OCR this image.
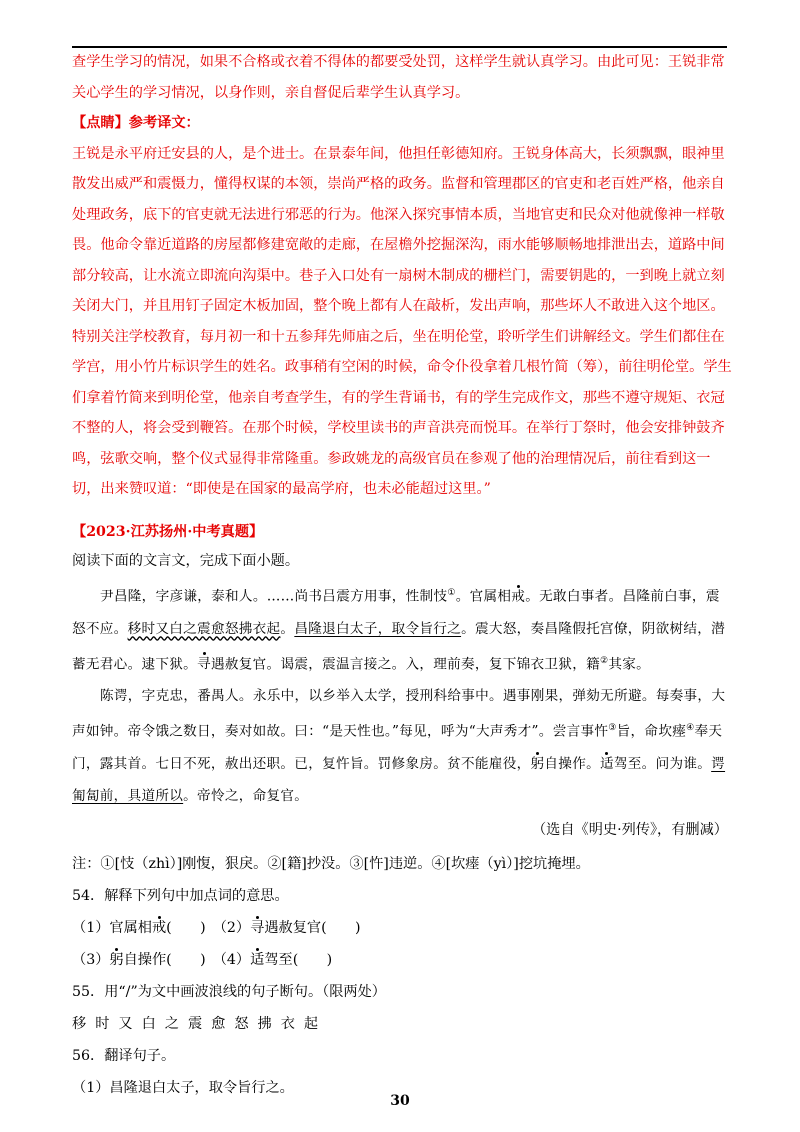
查学生学习的情况，如果不合格或衣着不得体的都要受处罚，这样学生就认真学习。由此可见：王锐非常关心学生的学习情况，以身作则，亲自督促后辈学生认真学习。

【点睛】参考译文：

王锐是永平府迁安县的人，是个进士。在景泰年间，他担任彰德知府。王锐身体高大，长须飘飘，眼神里散发出威严和震慑力，懂得权谋的本领，崇尚严格的政务。监督和管理郡区的官吏和老百姓严格，他亲自处理政务，底下的官吏就无法进行邪恶的行为。他深入探究事情本质，当地官吏和民众对他就像神一样敬畏。他命令靠近道路的房屋都修建宽敞的走廊，在屋檐外挖掘深沟，雨水能够顺畅地排泄出去，道路中间部分较高，让水流立即流向沟渠中。巷子入口处有一扇树木制成的栅栏门，需要钥匙的，一到晚上就立刻关闭大门，并且用钉子固定木板加固，整个晚上都有人在敲析，发出声响，那些坏人不敢进入这个地区。特别关注学校教育，每月初一和十五参拜先师庙之后，坐在明伦堂，聆听学生们讲解经文。学生们都住在学宫，用小竹片标识学生的姓名。政事稍有空闲的时候，命令仆役拿着几根竹简（筹），前往明伦堂。学生们拿着竹简来到明伦堂，他亲自考查学生，有的学生背诵书，有的学生完成作文，那些不遵守规矩、衣冠不整的人，将会受到鞭笞。在那个时候，学校里读书的声音洪亮而悦耳。在举行丁祭时，他会安排钟鼓齐鸣，弦歌交响，整个仪式显得非常隆重。参政姚龙的高级官员在参观了他的治理情况后，前往看到这一切，出来赞叹道：“即使是在国家的最高学府，也未必能超过这里。”

【2023·江苏扬州·中考真题】

阅读下面的文言文，完成下面小题。

尹昌隆，字彦谦，泰和人。……尚书吕震方用事，性制忮①。官属相戒。无敢白事者。昌隆前白事，震怒不应。移时又白之震愈怒拂衣起。昌隆退白太子，取令旨行之。震大怒，奏昌隆假托宫僚，阴欲树结，潜蓄无君心。逮下狱。寻遇赦复官。谒震，震温言接之。入，理前奏，复下锦衣卫狱，籍②其家。

陈谔，字克忠，番禺人。永乐中，以乡举入太学，授刑科给事中。遇事刚果，弹劾无所避。每奏事，大声如钟。帝令饿之数日，奏对如故。曰：“是天性也。”每见，呼为“大声秀才”。尝言事忤③旨，命坎瘗④奉天门，露其首。七日不死，赦出还职。已，复忤旨。罚修象房。贫不能雇役，躬自操作。适驾至。问为谁。谔匍匐前，具道所以。帝怜之，命复官。

（选自《明史·列传》，有删减）

注：①[忮（zhì）]刚愎，狠戾。②[籍]抄没。③[忤]违逆。④[坎瘗（yì）]挖坑掩埋。

54．解释下列句中加点词的意思。

（1）官属相戒(　　)　（2）寻遇赦复官(　　)

（3）躬自操作(　　)　（4）适驾至(　　)

55．用“/”为文中画波浪线的句子断句。（限两处）

移时又白之震愈怒拂衣起

56．翻译句子。

（1）昌隆退白太子，取令旨行之。

30
